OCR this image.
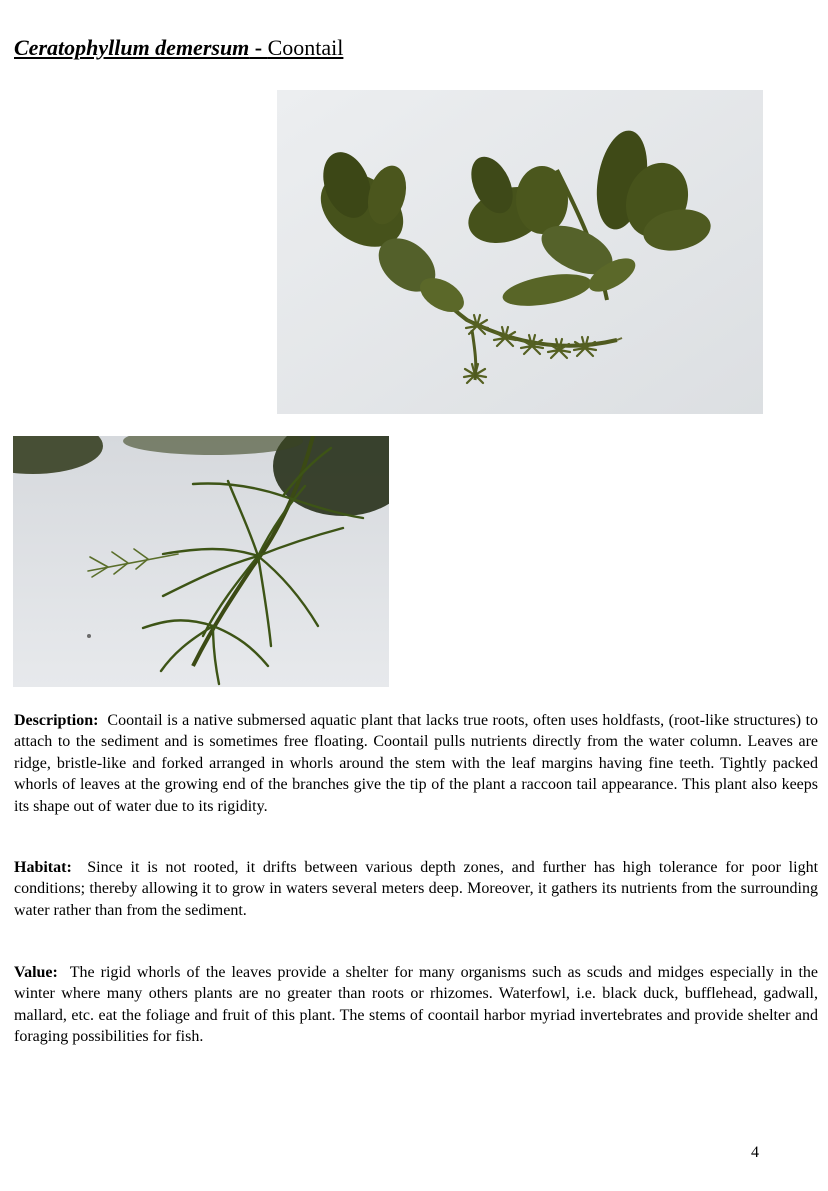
Ceratophyllum demersum - Coontail
Description: Coontail is a native submersed aquatic plant that lacks true roots, often uses holdfasts, (root-like structures) to attach to the sediment and is sometimes free floating. Coontail pulls nutrients directly from the water column. Leaves are ridge, bristle-like and forked arranged in whorls around the stem with the leaf margins having fine teeth. Tightly packed whorls of leaves at the growing end of the branches give the tip of the plant a raccoon tail appearance. This plant also keeps its shape out of water due to its rigidity.
Habitat: Since it is not rooted, it drifts between various depth zones, and further has high tolerance for poor light conditions; thereby allowing it to grow in waters several meters deep. Moreover, it gathers its nutrients from the surrounding water rather than from the sediment.
Value: The rigid whorls of the leaves provide a shelter for many organisms such as scuds and midges especially in the winter where many others plants are no greater than roots or rhizomes. Waterfowl, i.e. black duck, bufflehead, gadwall, mallard, etc. eat the foliage and fruit of this plant. The stems of coontail harbor myriad invertebrates and provide shelter and foraging possibilities for fish.
4
